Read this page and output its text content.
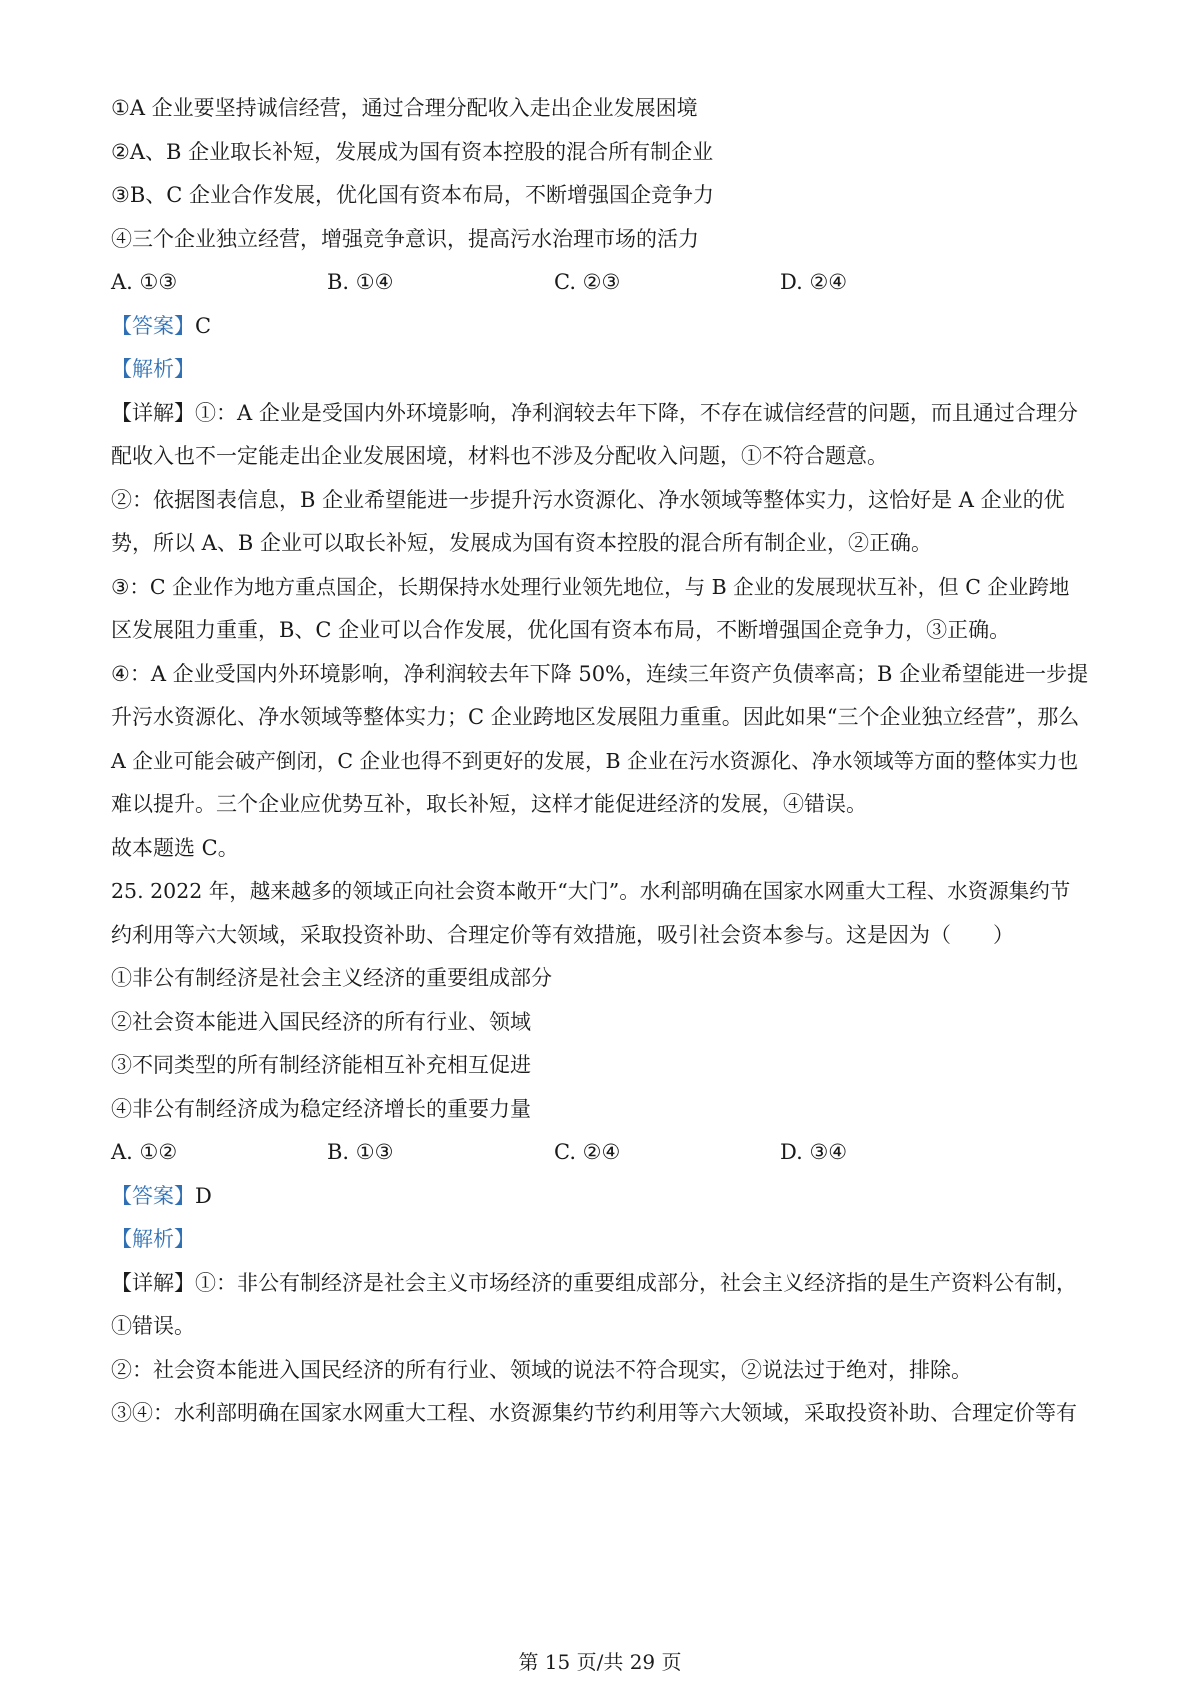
①A 企业要坚持诚信经营，通过合理分配收入走出企业发展困境
②A、B 企业取长补短，发展成为国有资本控股的混合所有制企业
③B、C 企业合作发展，优化国有资本布局，不断增强国企竞争力
④三个企业独立经营，增强竞争意识，提高污水治理市场的活力
A. ①③	B. ①④	C. ②③	D. ②④
【答案】C
【解析】
【详解】①：A 企业是受国内外环境影响，净利润较去年下降，不存在诚信经营的问题，而且通过合理分
配收入也不一定能走出企业发展困境，材料也不涉及分配收入问题，①不符合题意。
②：依据图表信息，B 企业希望能进一步提升污水资源化、净水领域等整体实力，这恰好是 A 企业的优
势，所以 A、B 企业可以取长补短，发展成为国有资本控股的混合所有制企业，②正确。
③：C 企业作为地方重点国企，长期保持水处理行业领先地位，与 B 企业的发展现状互补，但 C 企业跨地
区发展阻力重重，B、C 企业可以合作发展，优化国有资本布局，不断增强国企竞争力，③正确。
④：A 企业受国内外环境影响，净利润较去年下降 50%，连续三年资产负债率高；B 企业希望能进一步提
升污水资源化、净水领域等整体实力；C 企业跨地区发展阻力重重。因此如果“三个企业独立经营”，那么
A 企业可能会破产倒闭，C 企业也得不到更好的发展，B 企业在污水资源化、净水领域等方面的整体实力也
难以提升。三个企业应优势互补，取长补短，这样才能促进经济的发展，④错误。
故本题选 C。
25. 2022 年，越来越多的领域正向社会资本敞开“大门”。水利部明确在国家水网重大工程、水资源集约节
约利用等六大领域，采取投资补助、合理定价等有效措施，吸引社会资本参与。这是因为（　　）
①非公有制经济是社会主义经济的重要组成部分
②社会资本能进入国民经济的所有行业、领域
③不同类型的所有制经济能相互补充相互促进
④非公有制经济成为稳定经济增长的重要力量
A. ①②	B. ①③	C. ②④	D. ③④
【答案】D
【解析】
【详解】①：非公有制经济是社会主义市场经济的重要组成部分，社会主义经济指的是生产资料公有制，
①错误。
②：社会资本能进入国民经济的所有行业、领域的说法不符合现实，②说法过于绝对，排除。
③④：水利部明确在国家水网重大工程、水资源集约节约利用等六大领域，采取投资补助、合理定价等有
第 15 页/共 29 页
